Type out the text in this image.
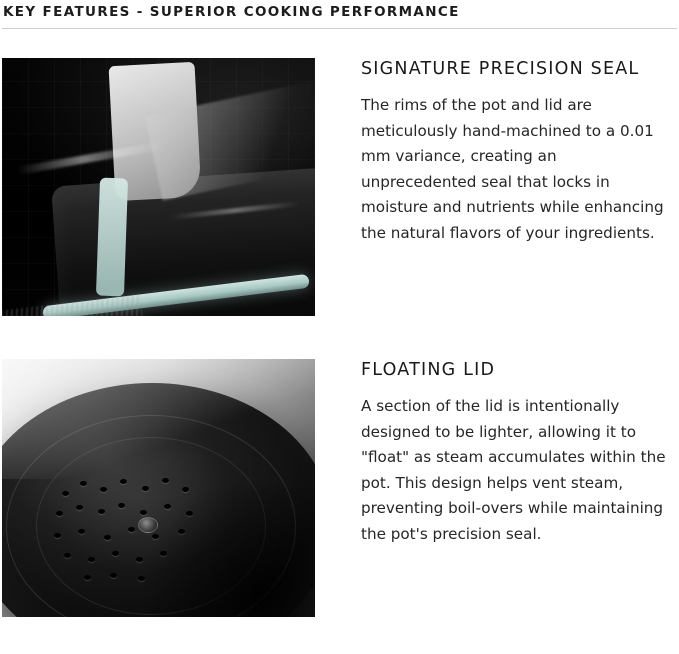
KEY FEATURES - SUPERIOR COOKING PERFORMANCE
SIGNATURE PRECISION SEAL

The rims of the pot and lid are meticulously hand-machined to a 0.01 mm variance, creating an unprecedented seal that locks in moisture and nutrients while enhancing the natural flavors of your ingredients.

FLOATING LID

A section of the lid is intentionally designed to be lighter, allowing it to "float" as steam accumulates within the pot. This design helps vent steam, preventing boil-overs while maintaining the pot's precision seal.
